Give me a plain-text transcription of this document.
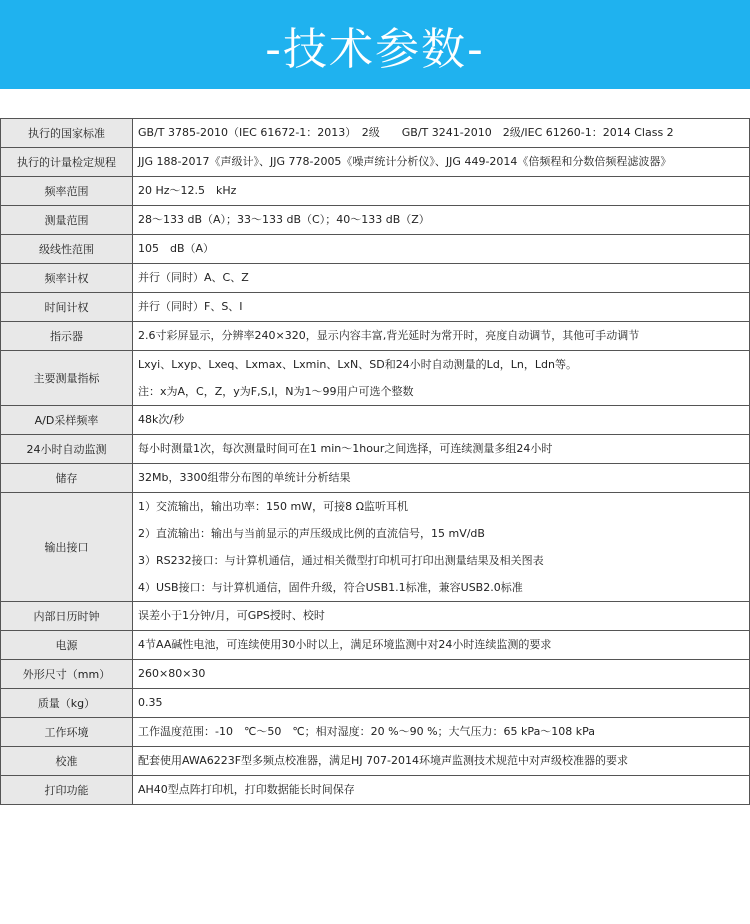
-技术参数-
执行的国家标准	GB/T 3785-2010（IEC 61672-1：2013）　2级　　GB/T 3241-2010　2级/IEC 61260-1：2014 Class 2

执行的计量检定规程	JJG 188-2017《声级计》、JJG 778-2005《噪声统计分析仪》、JJG 449-2014《倍频程和分数倍频程滤波器》

频率范围	20 Hz～12.5　kHz

测量范围	28～133 dB（A）；33～133 dB（C）；40～133 dB（Z）

级线性范围	105　dB（A）

频率计权	并行（同时）A、C、Z

时间计权	并行（同时）F、S、I

指示器	2.6寸彩屏显示，分辨率240×320，显示内容丰富,背光延时为常开时，亮度自动调节，其他可手动调节

主要测量指标	Lxyi、Lxyp、Lxeq、Lxmax、Lxmin、LxN、SD和24小时自动测量的Ld，Ln，Ldn等。
注：x为A，C，Z，y为F,S,I，N为1～99用户可选个整数

A/D采样频率	48k次/秒

24小时自动监测	每小时测量1次，每次测量时间可在1 min～1hour之间选择，可连续测量多组24小时

储存	32Mb，3300组带分布图的单统计分析结果

输出接口	1）交流输出，输出功率：150 mW，可接8 Ω监听耳机
2）直流输出：输出与当前显示的声压级成比例的直流信号，15 mV/dB
3）RS232接口：与计算机通信，通过相关微型打印机可打印出测量结果及相关图表
4）USB接口：与计算机通信，固件升级，符合USB1.1标准，兼容USB2.0标准

内部日历时钟	误差小于1分钟/月，可GPS授时、校时

电源	4节AA碱性电池，可连续使用30小时以上，满足环境监测中对24小时连续监测的要求

外形尺寸（mm）	260×80×30

质量（kg）	0.35

工作环境	工作温度范围：-10　℃～50　℃；相对湿度：20 %～90 %；大气压力：65 kPa～108 kPa

校准	配套使用AWA6223F型多频点校准器，满足HJ 707-2014环境声监测技术规范中对声级校准器的要求

打印功能	AH40型点阵打印机，打印数据能长时间保存
